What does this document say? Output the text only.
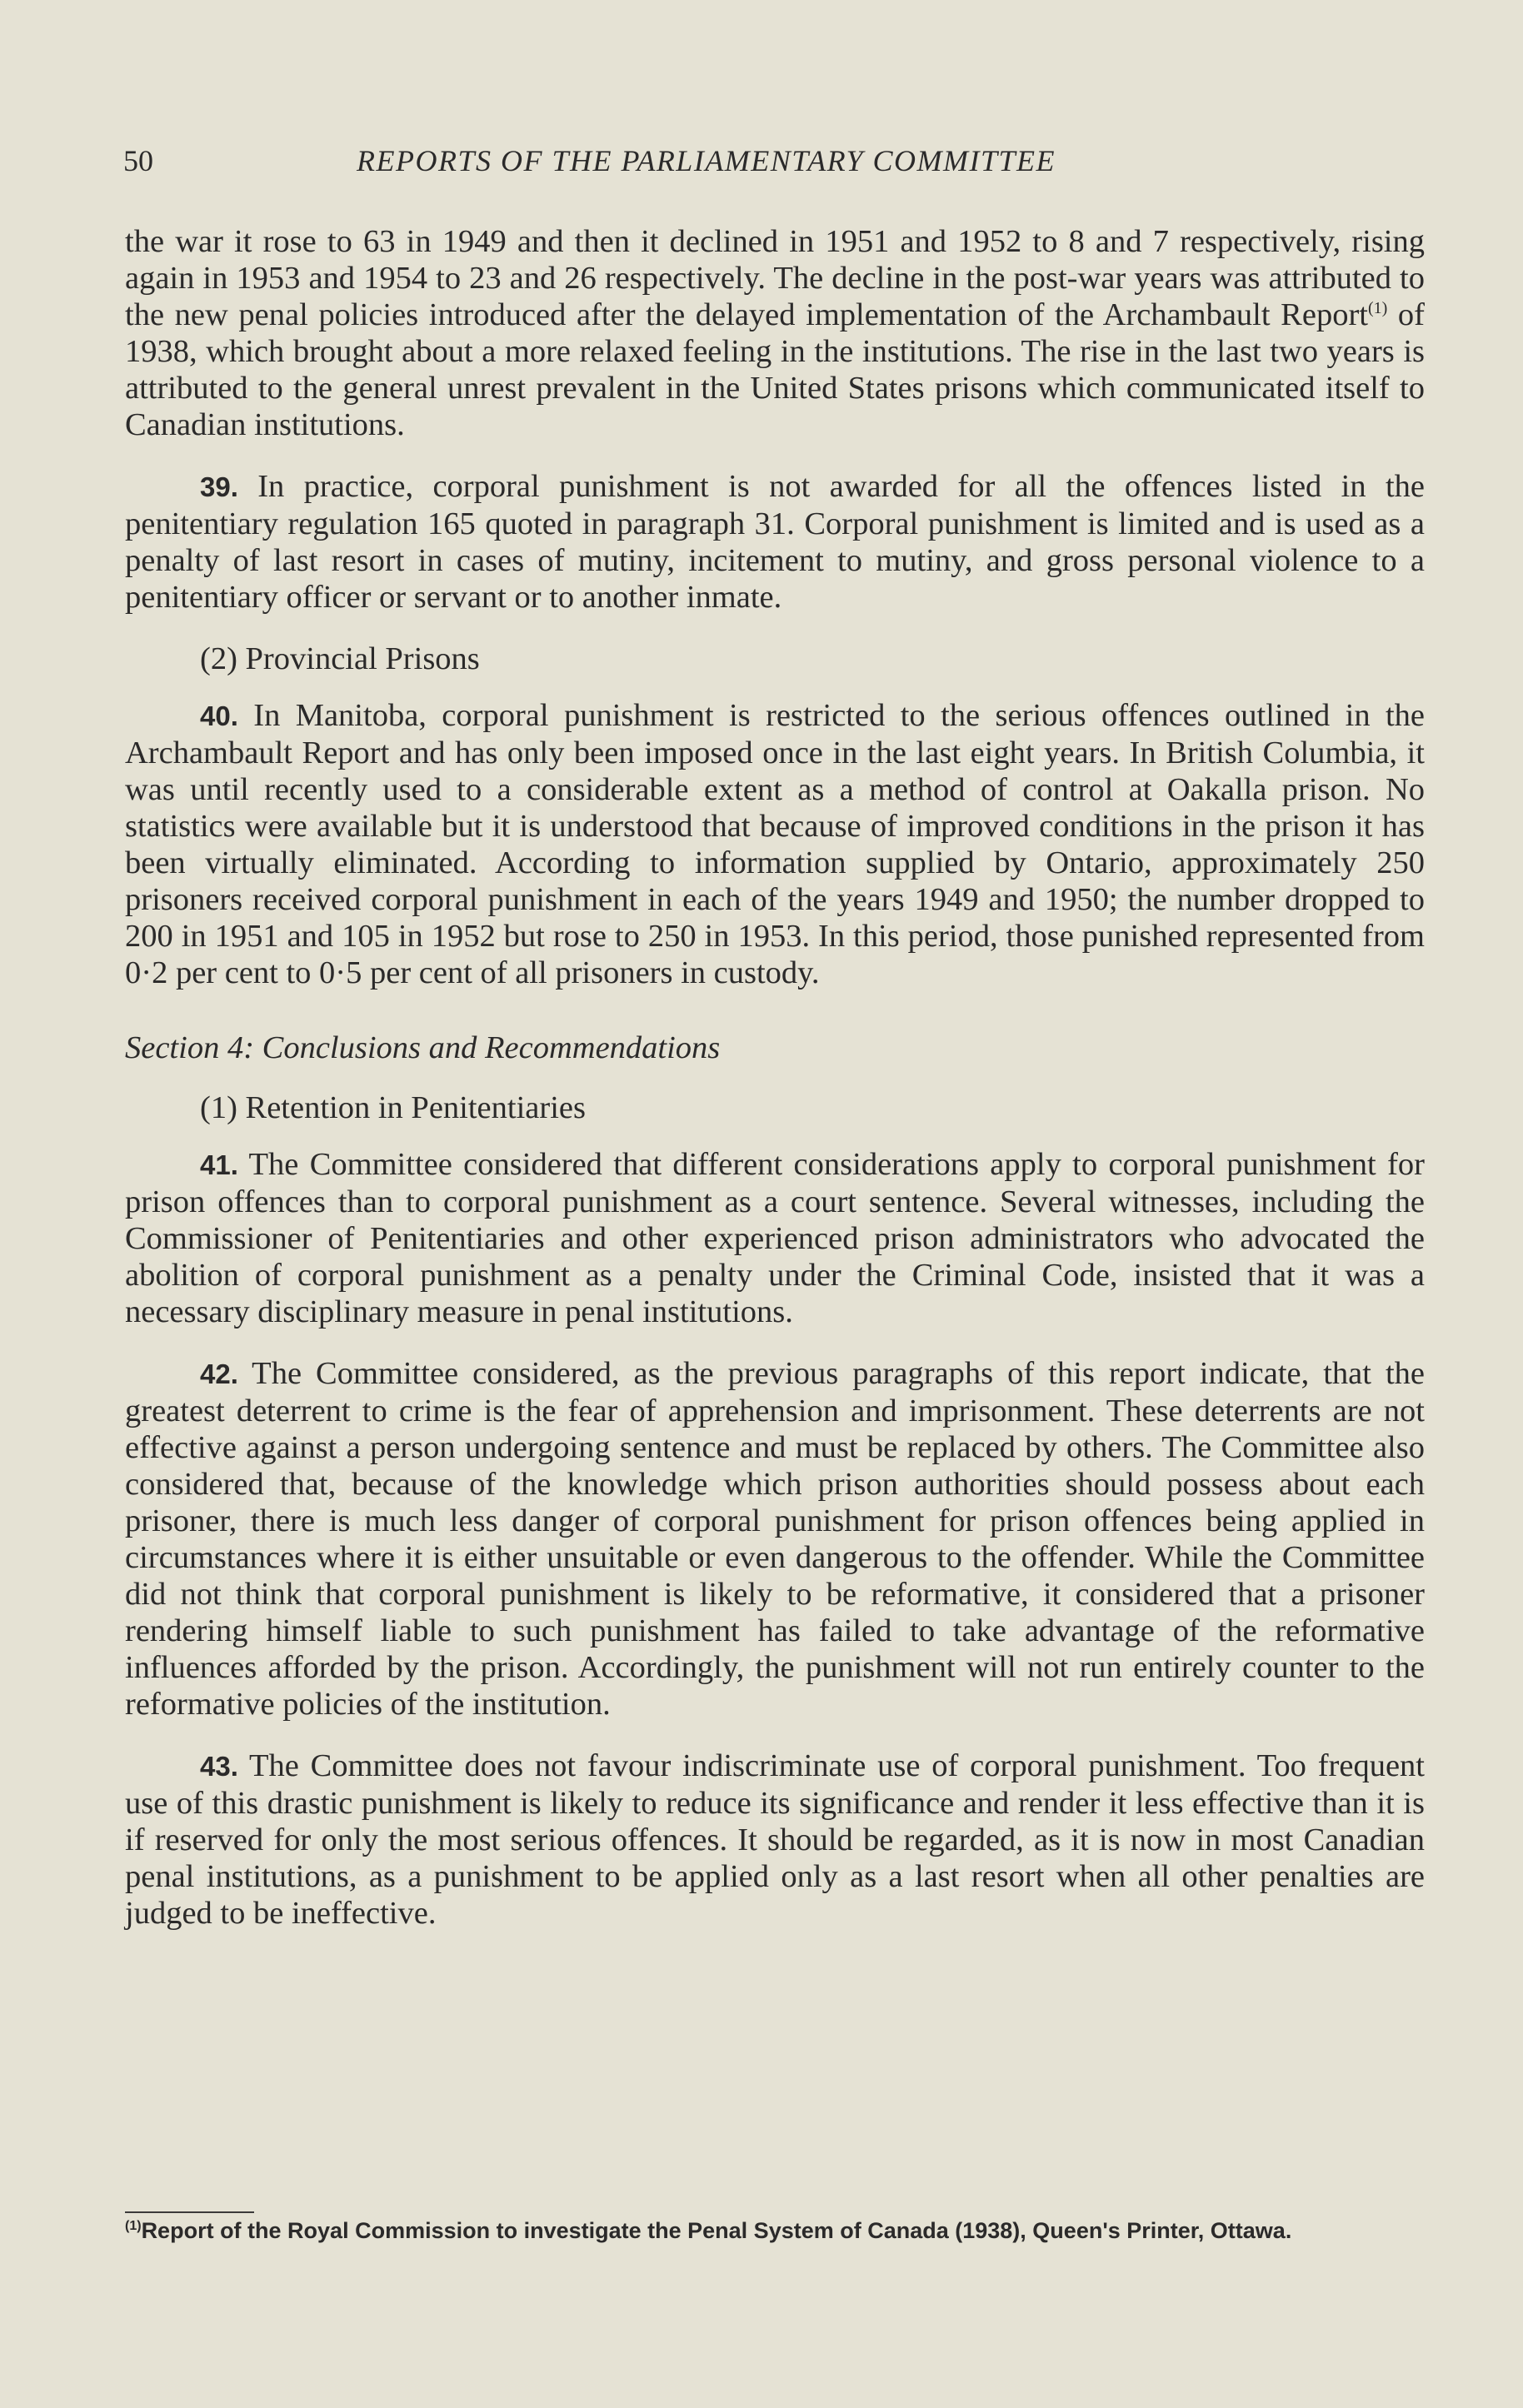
50	REPORTS OF THE PARLIAMENTARY COMMITTEE

the war it rose to 63 in 1949 and then it declined in 1951 and 1952 to 8 and 7 respectively, rising again in 1953 and 1954 to 23 and 26 respectively. The decline in the post-war years was attributed to the new penal policies introduced after the delayed implementation of the Archambault Report$^{(1)}$ of 1938, which brought about a more relaxed feeling in the institutions. The rise in the last two years is attributed to the general unrest prevalent in the United States prisons which communicated itself to Canadian institutions.

39. In practice, corporal punishment is not awarded for all the offences listed in the penitentiary regulation 165 quoted in paragraph 31. Corporal punishment is limited and is used as a penalty of last resort in cases of mutiny, incitement to mutiny, and gross personal violence to a penitentiary officer or servant or to another inmate.

(2) Provincial Prisons

40. In Manitoba, corporal punishment is restricted to the serious offences outlined in the Archambault Report and has only been imposed once in the last eight years. In British Columbia, it was until recently used to a considerable extent as a method of control at Oakalla prison. No statistics were available but it is understood that because of improved conditions in the prison it has been virtually eliminated. According to information supplied by Ontario, approximately 250 prisoners received corporal punishment in each of the years 1949 and 1950; the number dropped to 200 in 1951 and 105 in 1952 but rose to 250 in 1953. In this period, those punished represented from 0·2 per cent to 0·5 per cent of all prisoners in custody.

Section 4: Conclusions and Recommendations
(1) Retention in Penitentiaries

41. The Committee considered that different considerations apply to corporal punishment for prison offences than to corporal punishment as a court sentence. Several witnesses, including the Commissioner of Penitentiaries and other experienced prison administrators who advocated the abolition of corporal punishment as a penalty under the Criminal Code, insisted that it was a necessary disciplinary measure in penal institutions.

42. The Committee considered, as the previous paragraphs of this report indicate, that the greatest deterrent to crime is the fear of apprehension and imprisonment. These deterrents are not effective against a person undergoing sentence and must be replaced by others. The Committee also considered that, because of the knowledge which prison authorities should possess about each prisoner, there is much less danger of corporal punishment for prison offences being applied in circumstances where it is either unsuitable or even dangerous to the offender. While the Committee did not think that corporal punishment is likely to be reformative, it considered that a prisoner rendering himself liable to such punishment has failed to take advantage of the reformative influences afforded by the prison. Accordingly, the punishment will not run entirely counter to the reformative policies of the institution.

43. The Committee does not favour indiscriminate use of corporal punishment. Too frequent use of this drastic punishment is likely to reduce its significance and render it less effective than it is if reserved for only the most serious offences. It should be regarded, as it is now in most Canadian penal institutions, as a punishment to be applied only as a last resort when all other penalties are judged to be ineffective.

$^{(1)}$Report of the Royal Commission to investigate the Penal System of Canada (1938), Queen's Printer, Ottawa.
